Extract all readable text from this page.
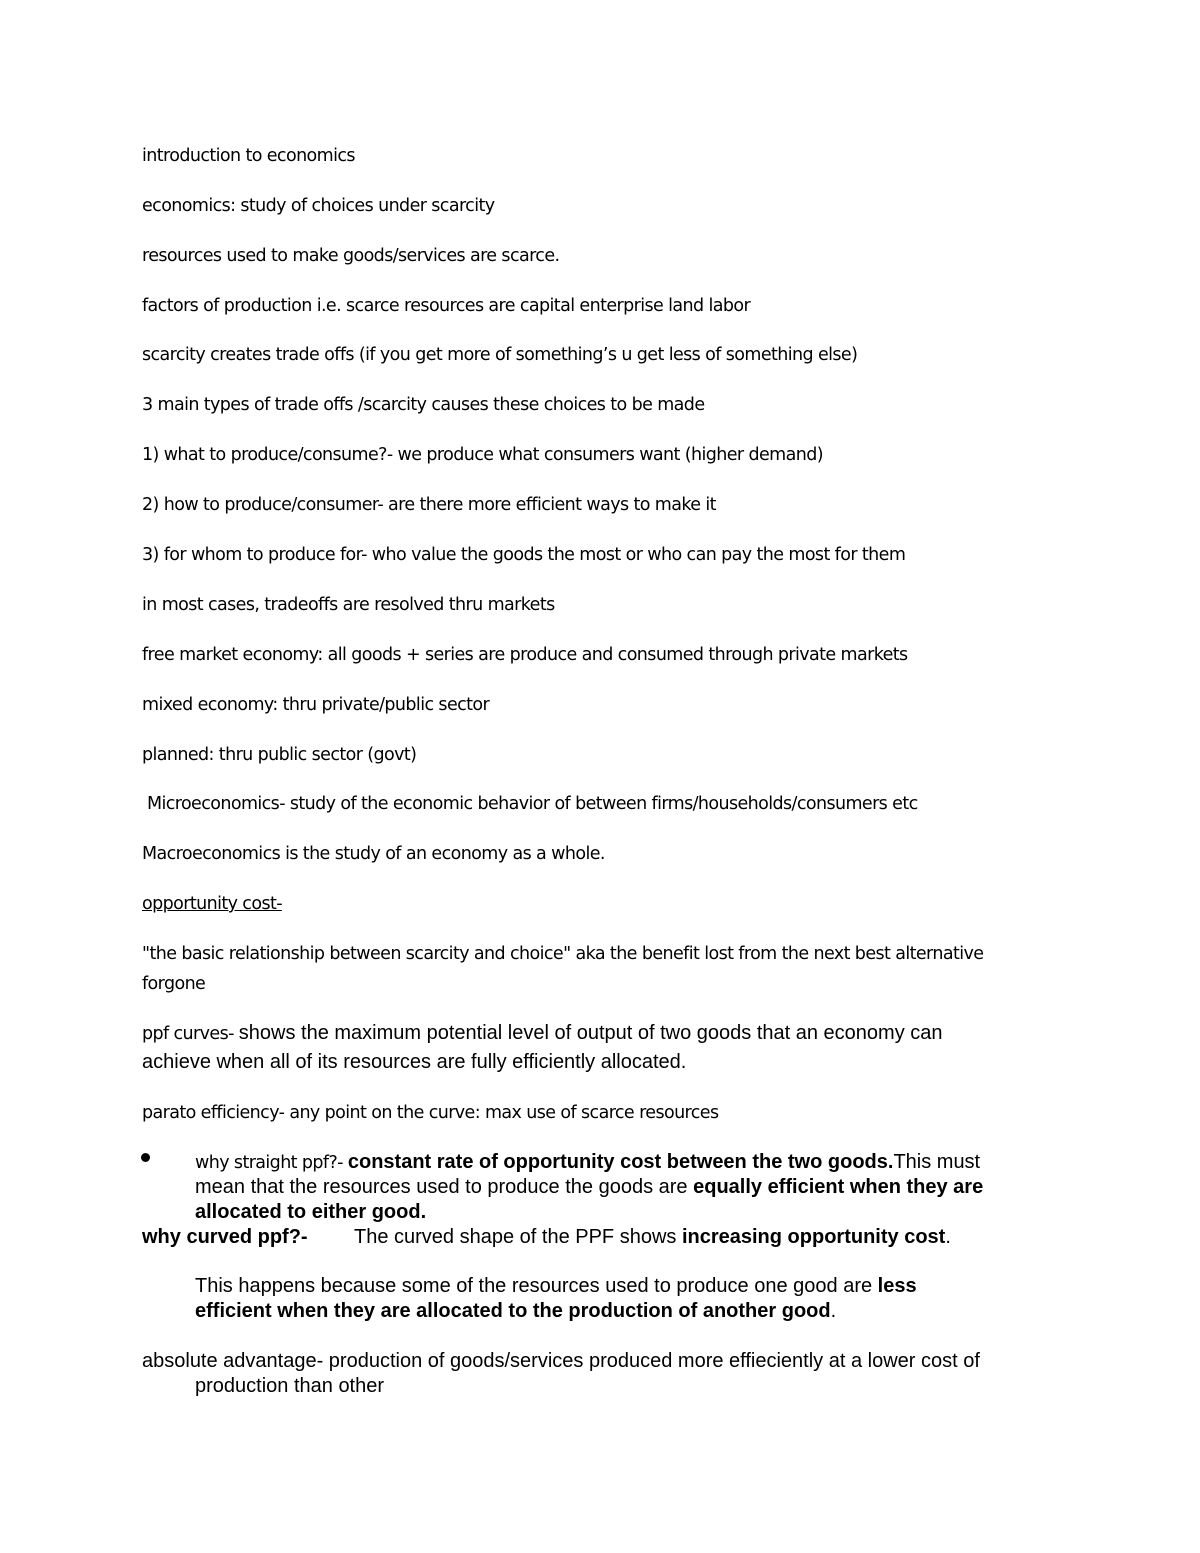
introduction to economics
economics: study of choices under scarcity
resources used to make goods/services are scarce.
factors of production i.e. scarce resources are capital enterprise land labor
scarcity creates trade offs (if you get more of something’s u get less of something else)
3 main types of trade offs /scarcity causes these choices to be made
1) what to produce/consume?- we produce what consumers want (higher demand)
2) how to produce/consumer- are there more efficient ways to make it
3) for whom to produce for- who value the goods the most or who can pay the most for them
in most cases, tradeoffs are resolved thru markets
free market economy: all goods + series are produce and consumed through private markets
mixed economy: thru private/public sector
planned: thru public sector (govt)
Microeconomics- study of the economic behavior of between firms/households/consumers etc
Macroeconomics is the study of an economy as a whole.
opportunity cost-
"the basic relationship between scarcity and choice" aka the benefit lost from the next best alternative
forgone
ppf curves- shows the maximum potential level of output of two goods that an economy can
achieve when all of its resources are fully efficiently allocated.
parato efficiency- any point on the curve: max use of scarce resources
why straight ppf?- constant rate of opportunity cost between the two goods.This must
mean that the resources used to produce the goods are equally efficient when they are
allocated to either good.
why curved ppf?- The curved shape of the PPF shows increasing opportunity cost.
This happens because some of the resources used to produce one good are less
efficient when they are allocated to the production of another good.
absolute advantage- production of goods/services produced more effieciently at a lower cost of
production than other
